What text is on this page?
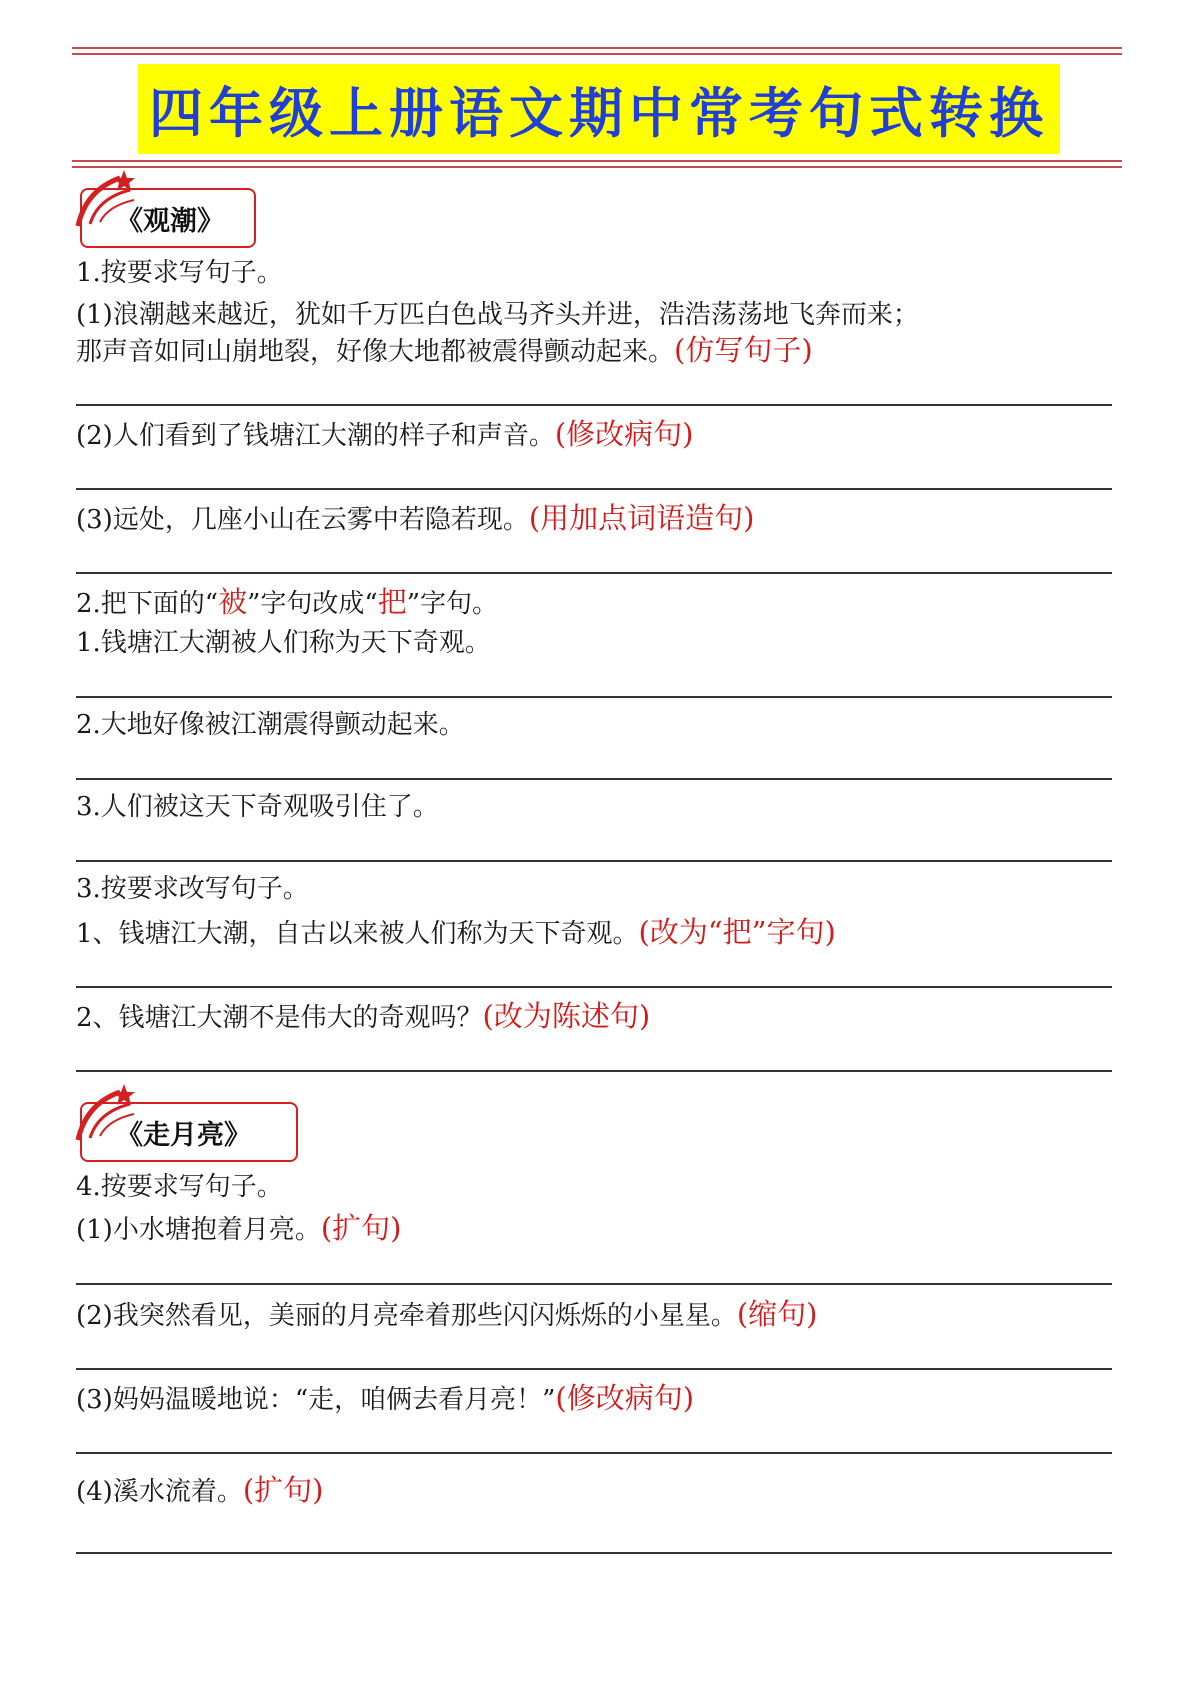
四年级上册语文期中常考句式转换
《观潮》
1.按要求写句子。
(1)浪潮越来越近，犹如千万匹白色战马齐头并进，浩浩荡荡地飞奔而来；
那声音如同山崩地裂，好像大地都被震得颤动起来。(仿写句子)
(2)人们看到了钱塘江大潮的样子和声音。(修改病句)
(3)远处，几座小山在云雾中若隐若现。(用加点词语造句)
2.把下面的“被”字句改成“把”字句。
1.钱塘江大潮被人们称为天下奇观。
2.大地好像被江潮震得颤动起来。
3.人们被这天下奇观吸引住了。
3.按要求改写句子。
1、钱塘江大潮，自古以来被人们称为天下奇观。(改为“把”字句)
2、钱塘江大潮不是伟大的奇观吗？(改为陈述句)
《走月亮》
4.按要求写句子。
(1)小水塘抱着月亮。(扩句)
(2)我突然看见，美丽的月亮牵着那些闪闪烁烁的小星星。(缩句)
(3)妈妈温暖地说：“走，咱俩去看月亮！”(修改病句)
(4)溪水流着。(扩句)
